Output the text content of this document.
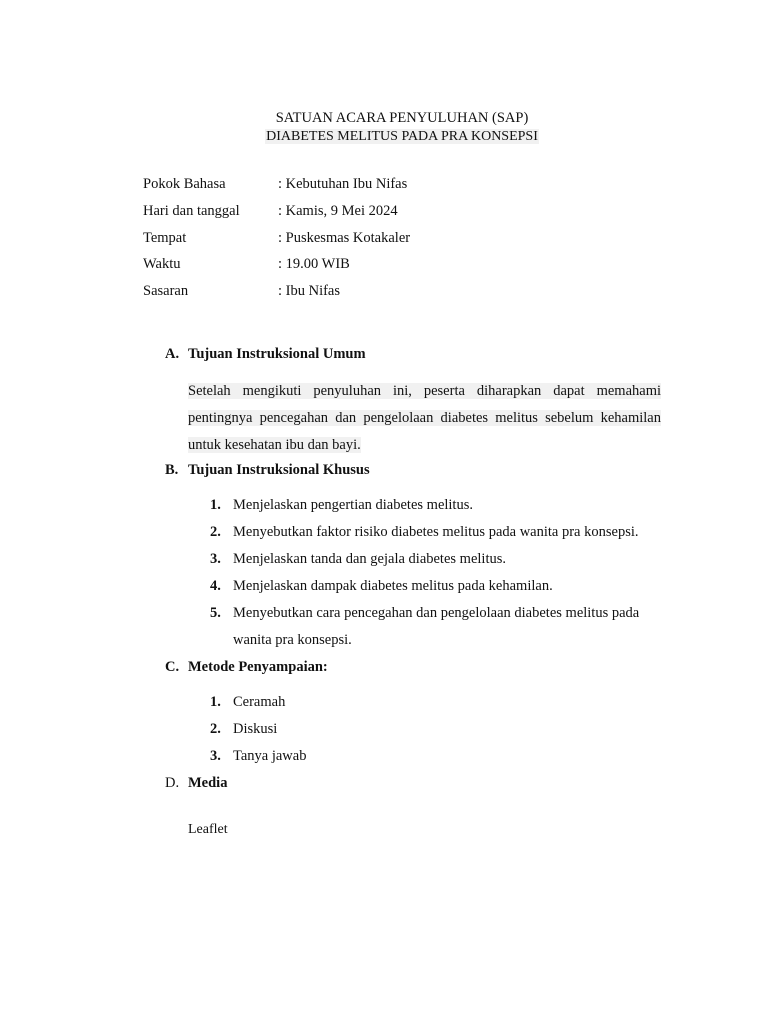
SATUAN ACARA PENYULUHAN (SAP)
DIABETES MELITUS PADA PRA KONSEPSI
Pokok Bahasa	: Kebutuhan Ibu Nifas
Hari dan tanggal	: Kamis, 9 Mei 2024
Tempat	: Puskesmas Kotakaler
Waktu	: 19.00 WIB
Sasaran	: Ibu Nifas
A. Tujuan Instruksional Umum
Setelah mengikuti penyuluhan ini, peserta diharapkan dapat memahami pentingnya pencegahan dan pengelolaan diabetes melitus sebelum kehamilan untuk kesehatan ibu dan bayi.
B. Tujuan Instruksional Khusus
1. Menjelaskan pengertian diabetes melitus.
2. Menyebutkan faktor risiko diabetes melitus pada wanita pra konsepsi.
3. Menjelaskan tanda dan gejala diabetes melitus.
4. Menjelaskan dampak diabetes melitus pada kehamilan.
5. Menyebutkan cara pencegahan dan pengelolaan diabetes melitus pada wanita pra konsepsi.
C. Metode Penyampaian:
1. Ceramah
2. Diskusi
3. Tanya jawab
D. Media
Leaflet
